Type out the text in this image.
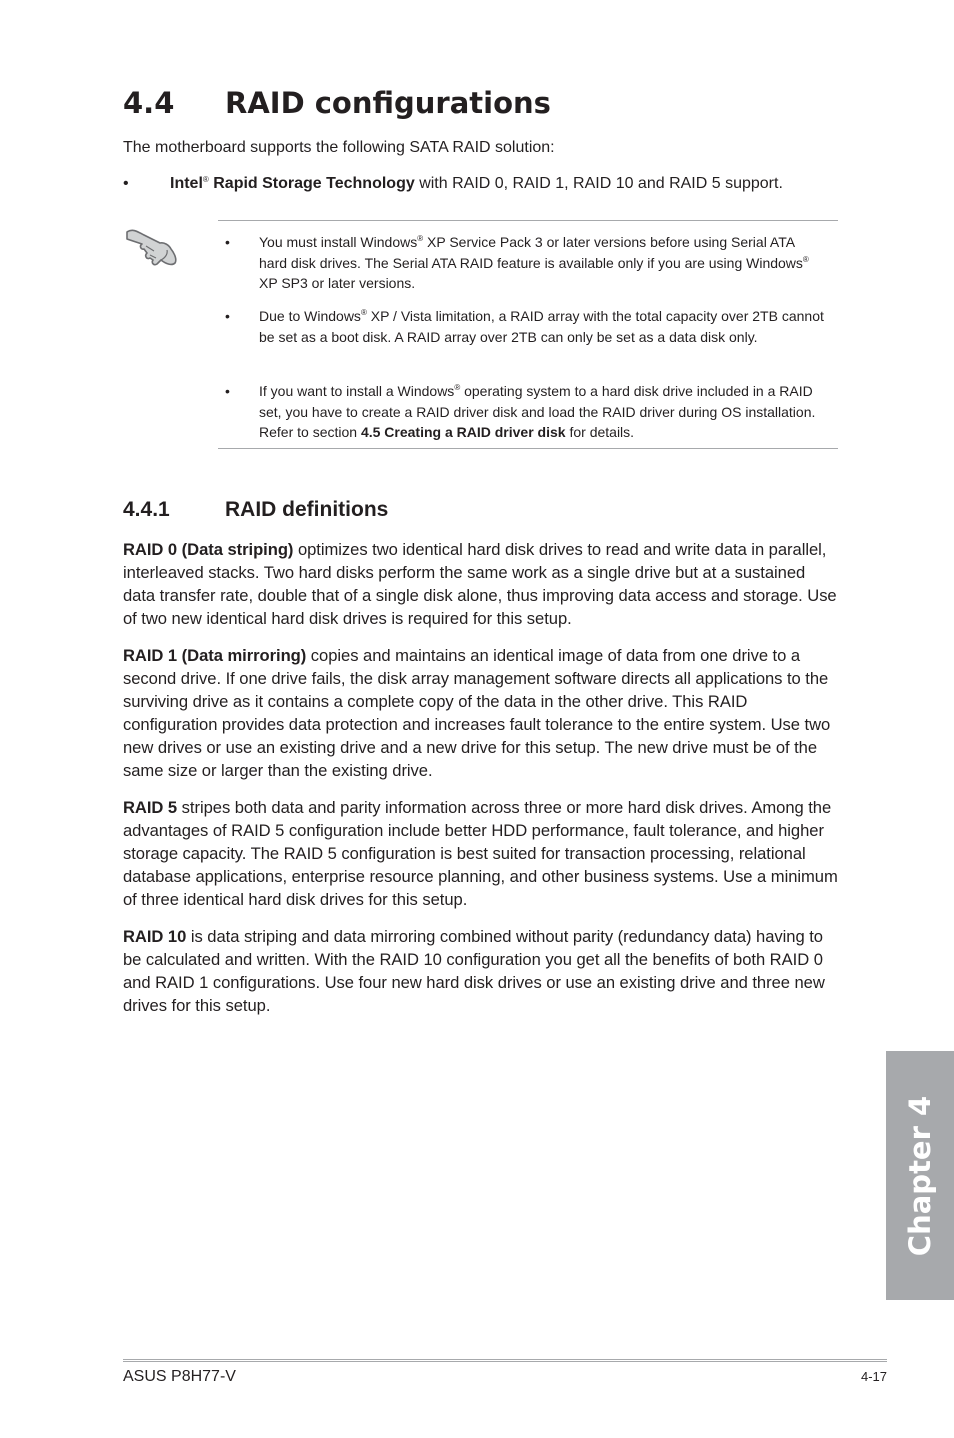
4.4 RAID configurations

The motherboard supports the following SATA RAID solution:

•	Intel® Rapid Storage Technology with RAID 0, RAID 1, RAID 10 and RAID 5 support.
• You must install Windows® XP Service Pack 3 or later versions before using Serial ATA hard disk drives. The Serial ATA RAID feature is available only if you are using Windows® XP SP3 or later versions.
• Due to Windows® XP / Vista limitation, a RAID array with the total capacity over 2TB cannot be set as a boot disk. A RAID array over 2TB can only be set as a data disk only.
• If you want to install a Windows® operating system to a hard disk drive included in a RAID set, you have to create a RAID driver disk and load the RAID driver during OS installation. Refer to section 4.5 Creating a RAID driver disk for details.
4.4.1	RAID definitions

RAID 0 (Data striping) optimizes two identical hard disk drives to read and write data in parallel, interleaved stacks. Two hard disks perform the same work as a single drive but at a sustained data transfer rate, double that of a single disk alone, thus improving data access and storage. Use of two new identical hard disk drives is required for this setup.

RAID 1 (Data mirroring) copies and maintains an identical image of data from one drive to a second drive. If one drive fails, the disk array management software directs all applications to the surviving drive as it contains a complete copy of the data in the other drive. This RAID configuration provides data protection and increases fault tolerance to the entire system. Use two new drives or use an existing drive and a new drive for this setup. The new drive must be of the same size or larger than the existing drive.

RAID 5 stripes both data and parity information across three or more hard disk drives. Among the advantages of RAID 5 configuration include better HDD performance, fault tolerance, and higher storage capacity. The RAID 5 configuration is best suited for transaction processing, relational database applications, enterprise resource planning, and other business systems. Use a minimum of three identical hard disk drives for this setup.

RAID 10 is data striping and data mirroring combined without parity (redundancy data) having to be calculated and written. With the RAID 10 configuration you get all the benefits of both RAID 0 and RAID 1 configurations. Use four new hard disk drives or use an existing drive and three new drives for this setup.

Chapter 4
ASUS P8H77-V	4-17
